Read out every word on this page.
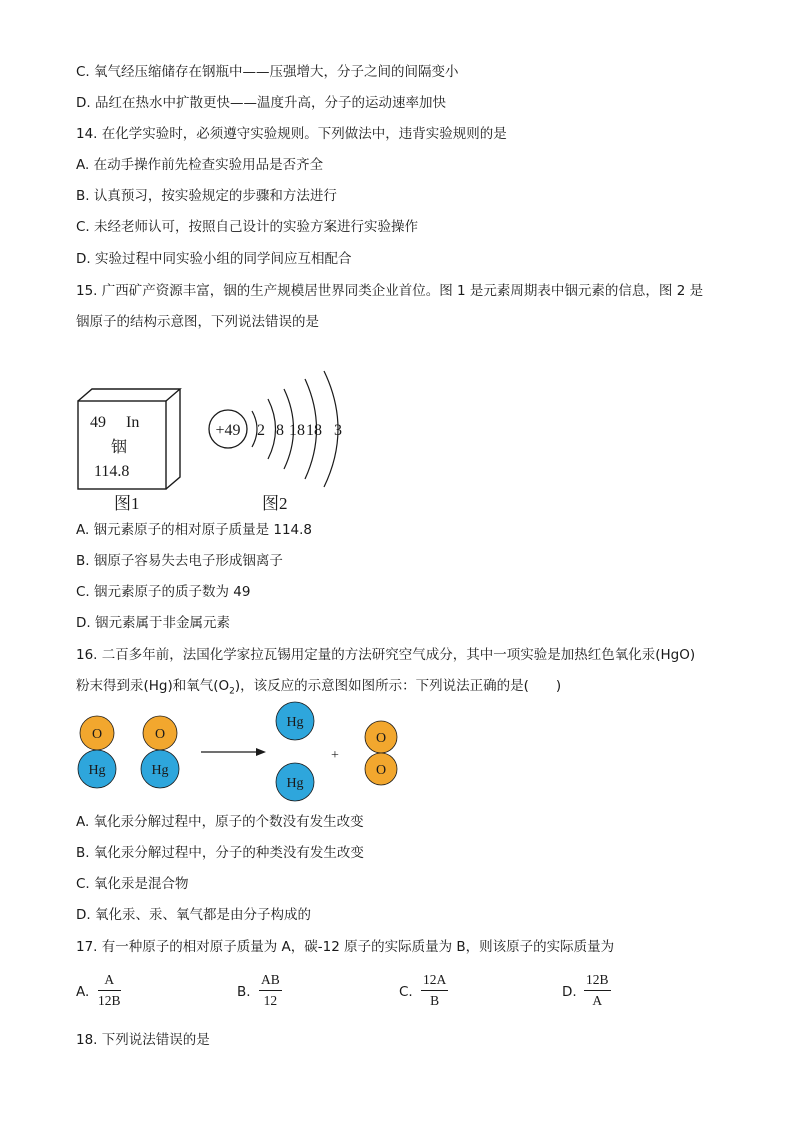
C. 氧气经压缩储存在钢瓶中——压强增大，分子之间的间隔变小
D. 品红在热水中扩散更快——温度升高，分子的运动速率加快
14. 在化学实验时，必须遵守实验规则。下列做法中，违背实验规则的是
A. 在动手操作前先检查实验用品是否齐全
B. 认真预习，按实验规定的步骤和方法进行
C. 未经老师认可，按照自己设计的实验方案进行实验操作
D. 实验过程中同实验小组的同学间应互相配合
15. 广西矿产资源丰富，铟的生产规模居世界同类企业首位。图 1 是元素周期表中铟元素的信息，图 2 是
铟原子的结构示意图，下列说法错误的是
49 In
铟
114.8
图1
+49 2 8 18 18 3
图2
A. 铟元素原子的相对原子质量是 114.8
B. 铟原子容易失去电子形成铟离子
C. 铟元素原子的质子数为 49
D. 铟元素属于非金属元素
16. 二百多年前，法国化学家拉瓦锡用定量的方法研究空气成分，其中一项实验是加热红色氧化汞(HgO)
粉末得到汞(Hg)和氧气$(O_2)$，该反应的示意图如图所示：下列说法正确的是(　　)
O
Hg
O
Hg
Hg
Hg
O
O
+
A. 氧化汞分解过程中，原子的个数没有发生改变
B. 氧化汞分解过程中，分子的种类没有发生改变
C. 氧化汞是混合物
D. 氧化汞、汞、氧气都是由分子构成的
17. 有一种原子的相对原子质量为 A，碳-12 原子的实际质量为 B，则该原子的实际质量为
A. $\frac{A}{12B}$	B. $\frac{AB}{12}$	C. $\frac{12A}{B}$	D. $\frac{12B}{A}$
18. 下列说法错误的是
